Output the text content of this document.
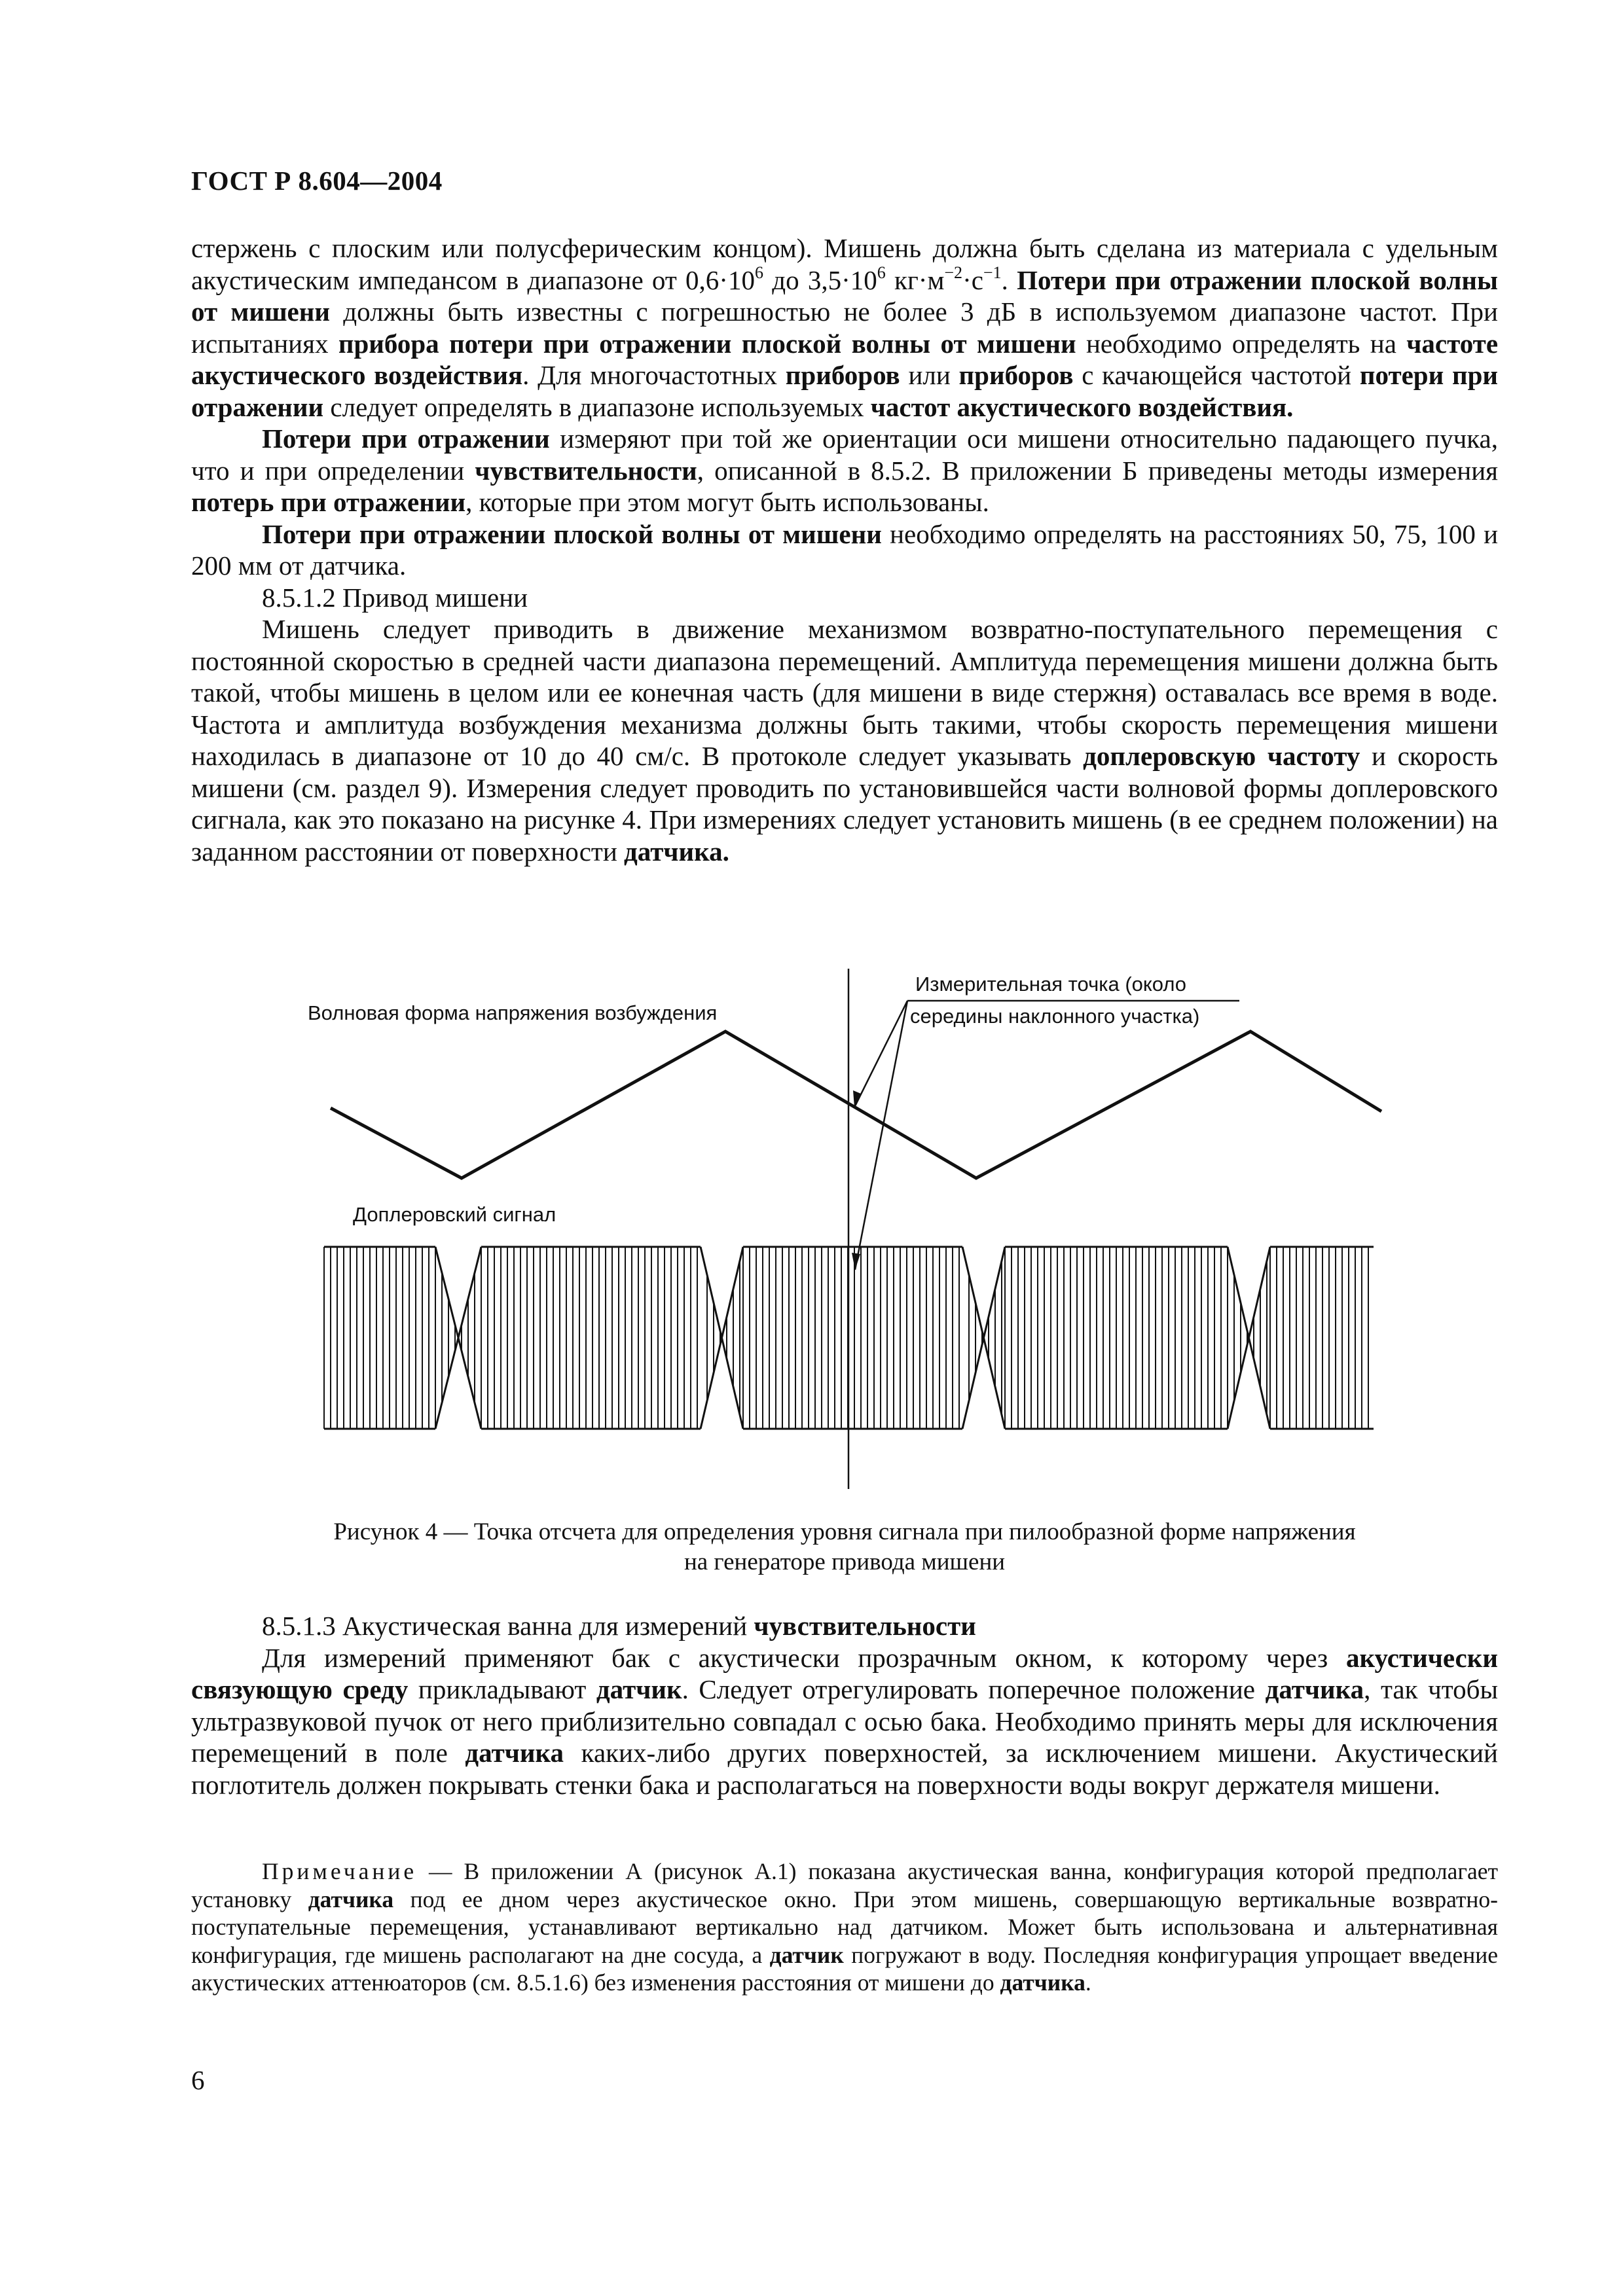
ГОСТ Р 8.604—2004

стержень с плоским или полусферическим концом). Мишень должна быть сделана из материала с удельным акустическим импедансом в диапазоне от $0,6\cdot 10^6$ до $3,5\cdot 10^6$ $кг\cdot м^{-2}\cdot с^{-1}$. Потери при отражении плоской волны от мишени должны быть известны с погрешностью не более 3 дБ в используемом диапазоне частот. При испытаниях прибора потери при отражении плоской волны от мишени необходимо определять на частоте акустического воздействия. Для многочастотных приборов или приборов с качающейся частотой потери при отражении следует определять в диапазоне используемых частот акустического воздействия.

Потери при отражении измеряют при той же ориентации оси мишени относительно падающего пучка, что и при определении чувствительности, описанной в 8.5.2. В приложении Б приведены методы измерения потерь при отражении, которые при этом могут быть использованы.

Потери при отражении плоской волны от мишени необходимо определять на расстояниях 50, 75, 100 и 200 мм от датчика.

8.5.1.2 Привод мишени

Мишень следует приводить в движение механизмом возвратно-поступательного перемещения с постоянной скоростью в средней части диапазона перемещений. Амплитуда перемещения мишени должна быть такой, чтобы мишень в целом или ее конечная часть (для мишени в виде стержня) оставалась все время в воде. Частота и амплитуда возбуждения механизма должны быть такими, чтобы скорость перемещения мишени находилась в диапазоне от 10 до 40 см/с. В протоколе следует указывать доплеровскую частоту и скорость мишени (см. раздел 9). Измерения следует проводить по установившейся части волновой формы доплеровского сигнала, как это показано на рисунке 4. При измерениях следует установить мишень (в ее среднем положении) на заданном расстоянии от поверхности датчика.

Волновая форма напряжения возбуждения
Измерительная точка (около
середины наклонного участка)
Доплеровский сигнал
Рисунок 4 — Точка отсчета для определения уровня сигнала при пилообразной форме напряжения
на генераторе привода мишени

8.5.1.3 Акустическая ванна для измерений чувствительности

Для измерений применяют бак с акустически прозрачным окном, к которому через акустически связующую среду прикладывают датчик. Следует отрегулировать поперечное положение датчика, так чтобы ультразвуковой пучок от него приблизительно совпадал с осью бака. Необходимо принять меры для исключения перемещений в поле датчика каких-либо других поверхностей, за исключением мишени. Акустический поглотитель должен покрывать стенки бака и располагаться на поверхности воды вокруг держателя мишени.

Примечание — В приложении А (рисунок А.1) показана акустическая ванна, конфигурация которой предполагает установку датчика под ее дном через акустическое окно. При этом мишень, совершающую вертикальные возвратно-поступательные перемещения, устанавливают вертикально над датчиком. Может быть использована и альтернативная конфигурация, где мишень располагают на дне сосуда, а датчик погружают в воду. Последняя конфигурация упрощает введение акустических аттенюаторов (см. 8.5.1.6) без изменения расстояния от мишени до датчика.

6
